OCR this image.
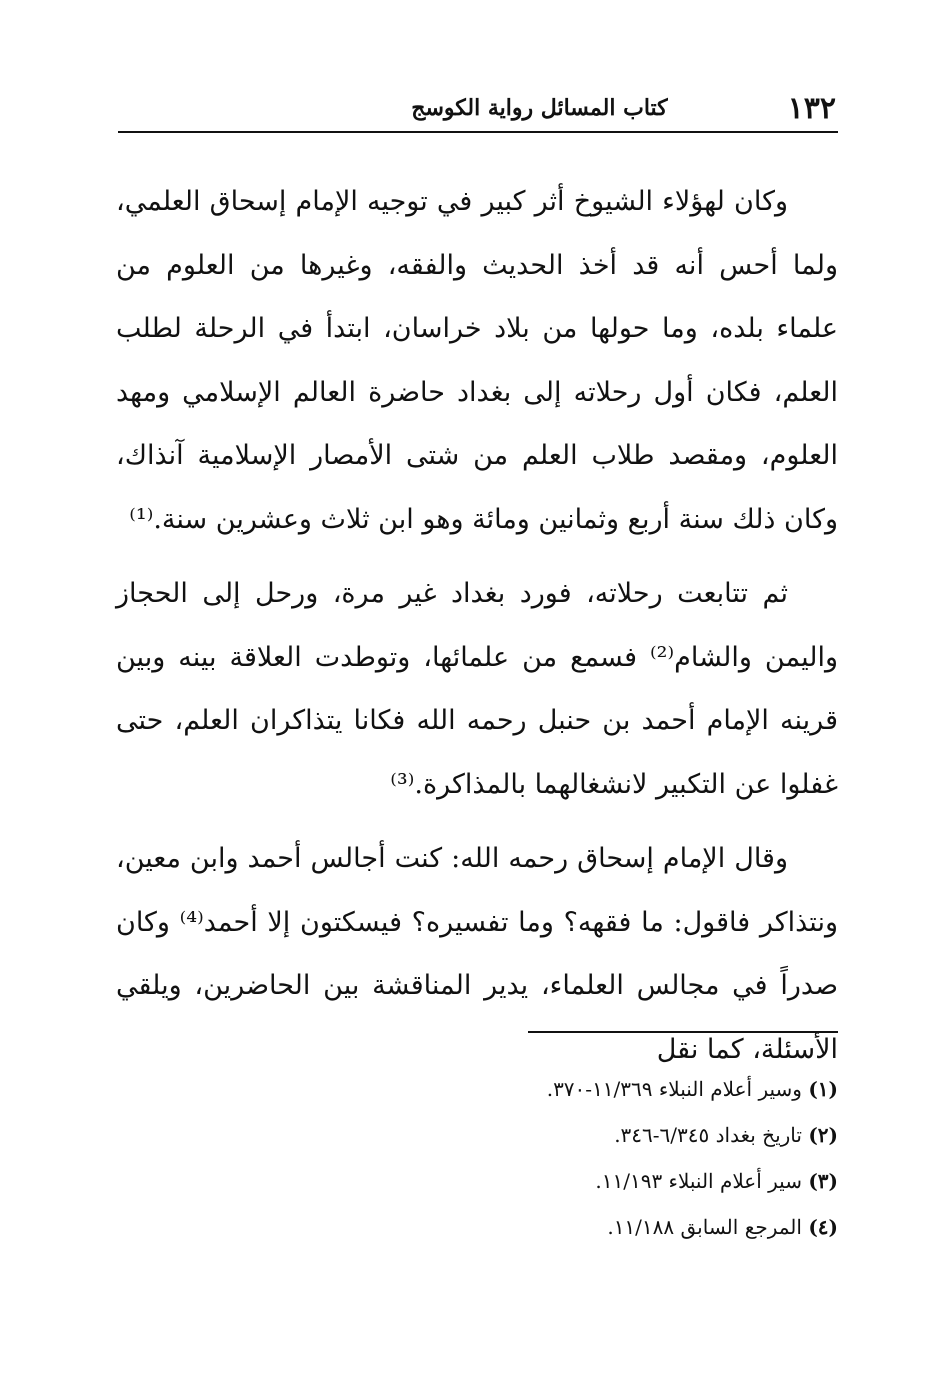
١٣٢
كتاب المسائل رواية الكوسج

وكان لهؤلاء الشيوخ أثر كبير في توجيه الإمام إسحاق العلمي، ولما أحس أنه قد أخذ الحديث والفقه، وغيرها من العلوم من علماء بلده، وما حولها من بلاد خراسان، ابتدأ في الرحلة لطلب العلم، فكان أول رحلاته إلى بغداد حاضرة العالم الإسلامي ومهد العلوم، ومقصد طلاب العلم من شتى الأمصار الإسلامية آنذاك، وكان ذلك سنة أربع وثمانين ومائة وهو ابن ثلاث وعشرين سنة.⁽¹⁾

ثم تتابعت رحلاته، فورد بغداد غير مرة، ورحل إلى الحجاز واليمن والشام⁽²⁾ فسمع من علمائها، وتوطدت العلاقة بينه وبين قرينه الإمام أحمد بن حنبل رحمه الله فكانا يتذاكران العلم، حتى غفلوا عن التكبير لانشغالهما بالمذاكرة.⁽³⁾

وقال الإمام إسحاق رحمه الله: كنت أجالس أحمد وابن معين، ونتذاكر فاقول: ما فقهه؟ وما تفسيره؟ فيسكتون إلا أحمد⁽⁴⁾ وكان صدراً في مجالس العلماء، يدير المناقشة بين الحاضرين، ويلقي الأسئلة، كما نقل

(١) وسير أعلام النبلاء ١١/٣٦٩-٣٧٠.
(٢) تاريخ بغداد ٦/٣٤٥-٣٤٦.
(٣) سير أعلام النبلاء ١١/١٩٣.
(٤) المرجع السابق ١١/١٨٨.
